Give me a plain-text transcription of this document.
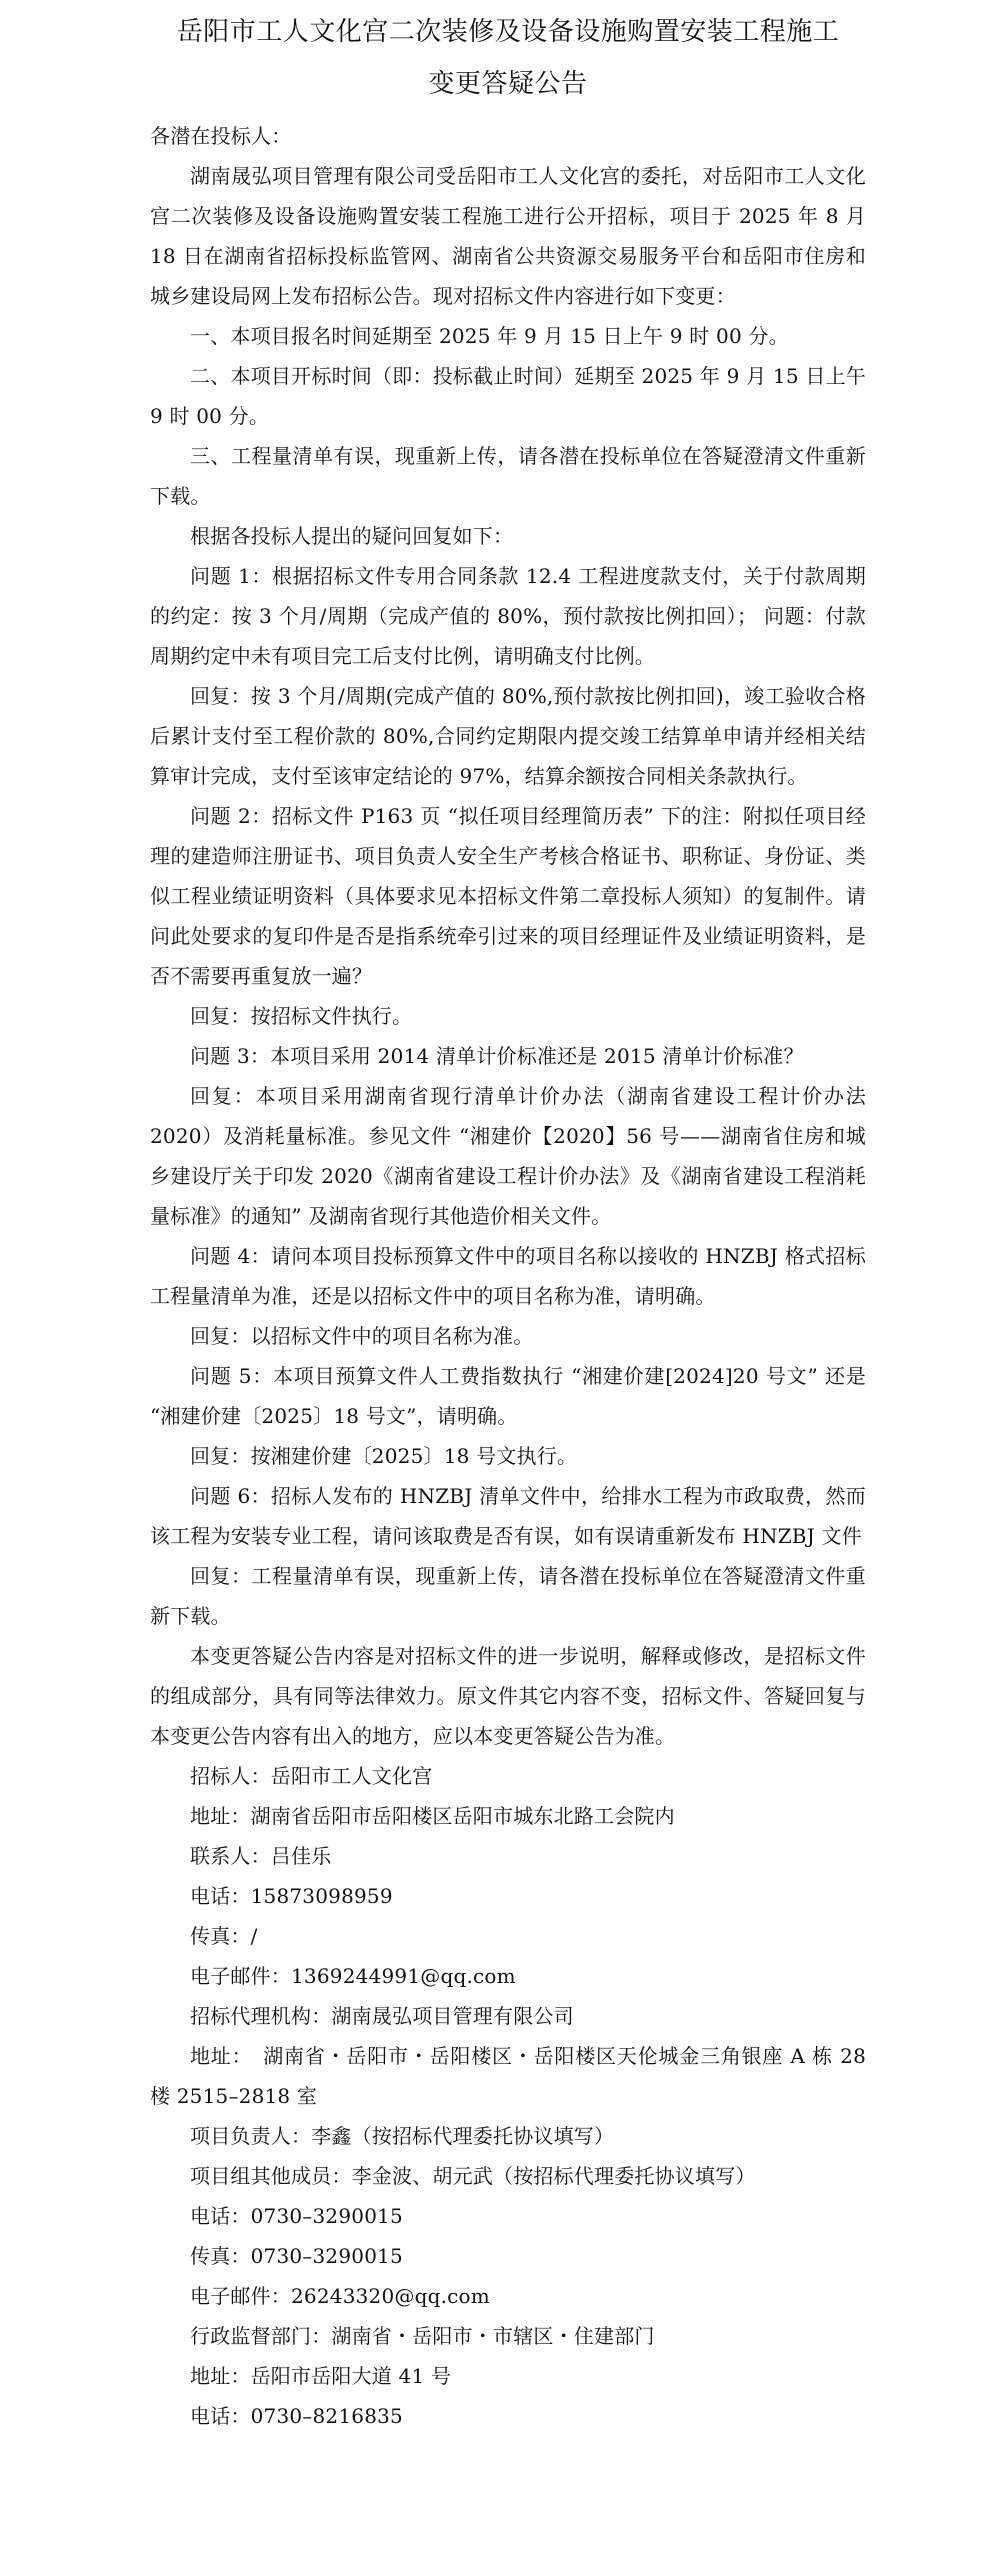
岳阳市工人文化宫二次装修及设备设施购置安装工程施工
变更答疑公告

各潜在投标人：

湖南晟弘项目管理有限公司受岳阳市工人文化宫的委托，对岳阳市工人文化宫二次装修及设备设施购置安装工程施工进行公开招标，项目于 2025 年 8 月 18 日在湖南省招标投标监管网、湖南省公共资源交易服务平台和岳阳市住房和城乡建设局网上发布招标公告。现对招标文件内容进行如下变更：

一、本项目报名时间延期至 2025 年 9 月 15 日上午 9 时 00 分。

二、本项目开标时间（即：投标截止时间）延期至 2025 年 9 月 15 日上午 9 时 00 分。

三、工程量清单有误，现重新上传，请各潜在投标单位在答疑澄清文件重新下载。

根据各投标人提出的疑问回复如下：

问题 1：根据招标文件专用合同条款 12.4 工程进度款支付，关于付款周期的约定：按 3 个月/周期（完成产值的 80%，预付款按比例扣回）； 问题：付款周期约定中未有项目完工后支付比例，请明确支付比例。

回复：按 3 个月/周期(完成产值的 80%,预付款按比例扣回)，竣工验收合格后累计支付至工程价款的 80%,合同约定期限内提交竣工结算单申请并经相关结算审计完成，支付至该审定结论的 97%，结算余额按合同相关条款执行。

问题 2：招标文件 P163 页 “拟任项目经理简历表” 下的注：附拟任项目经理的建造师注册证书、项目负责人安全生产考核合格证书、职称证、身份证、类似工程业绩证明资料（具体要求见本招标文件第二章投标人须知）的复制件。请问此处要求的复印件是否是指系统牵引过来的项目经理证件及业绩证明资料，是否不需要再重复放一遍？

回复：按招标文件执行。

问题 3：本项目采用 2014 清单计价标准还是 2015 清单计价标准？

回复：本项目采用湖南省现行清单计价办法（湖南省建设工程计价办法 2020）及消耗量标准。参见文件 “湘建价【2020】56 号——湖南省住房和城乡建设厅关于印发 2020《湖南省建设工程计价办法》及《湖南省建设工程消耗量标准》的通知” 及湖南省现行其他造价相关文件。

问题 4：请问本项目投标预算文件中的项目名称以接收的 HNZBJ 格式招标工程量清单为准，还是以招标文件中的项目名称为准，请明确。

回复：以招标文件中的项目名称为准。

问题 5：本项目预算文件人工费指数执行 “湘建价建[2024]20 号文” 还是 “湘建价建〔2025〕18 号文”，请明确。

回复：按湘建价建〔2025〕18 号文执行。

问题 6：招标人发布的 HNZBJ 清单文件中，给排水工程为市政取费，然而该工程为安装专业工程，请问该取费是否有误，如有误请重新发布 HNZBJ 文件

回复：工程量清单有误，现重新上传，请各潜在投标单位在答疑澄清文件重新下载。

本变更答疑公告内容是对招标文件的进一步说明，解释或修改，是招标文件的组成部分，具有同等法律效力。原文件其它内容不变，招标文件、答疑回复与本变更公告内容有出入的地方，应以本变更答疑公告为准。

招标人：岳阳市工人文化宫

地址：湖南省岳阳市岳阳楼区岳阳市城东北路工会院内

联系人：吕佳乐

电话：15873098959

传真：/

电子邮件：1369244991@qq.com

招标代理机构：湖南晟弘项目管理有限公司

地址：　湖南省・岳阳市・岳阳楼区・岳阳楼区天伦城金三角银座 A 栋 28 楼 2515–2818 室

项目负责人：李鑫（按招标代理委托协议填写）

项目组其他成员：李金波、胡元武（按招标代理委托协议填写）

电话：0730–3290015

传真：0730–3290015

电子邮件：26243320@qq.com

行政监督部门：湖南省・岳阳市・市辖区・住建部门

地址：岳阳市岳阳大道 41 号

电话：0730–8216835
